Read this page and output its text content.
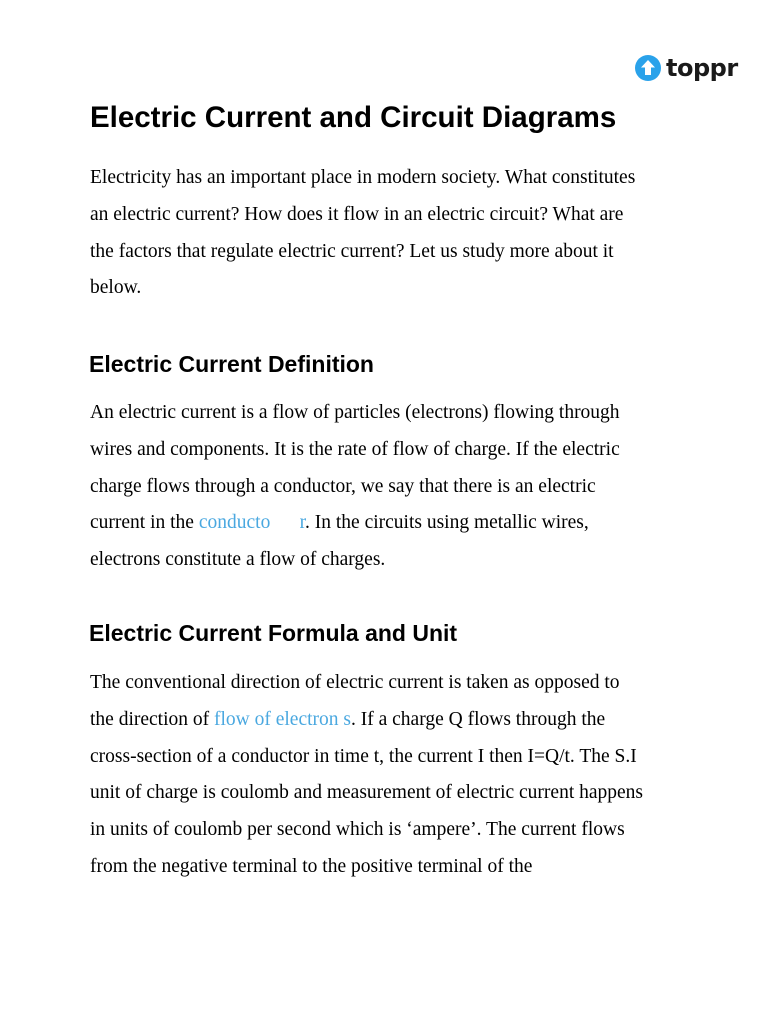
toppr
Electric Current and Circuit Diagrams

Electricity has an important place in modern society. What constitutes
an electric current? How does it flow in an electric circuit? What are
the factors that regulate electric current? Let us study more about it
below.

Electric Current Definition

An electric current is a flow of particles (electrons) flowing through
wires and components. It is the rate of flow of charge. If the electric
charge flows through a conductor, we say that there is an electric
current in the conducto      r. In the circuits using metallic wires,
electrons constitute a flow of charges.

Electric Current Formula and Unit

The conventional direction of electric current is taken as opposed to
the direction of flow of electron s. If a charge Q flows through the
cross-section of a conductor in time t, the current I then I=Q/t. The S.I
unit of charge is coulomb and measurement of electric current happens
in units of coulomb per second which is ‘ampere’. The current flows
from the negative terminal to the positive terminal of the
